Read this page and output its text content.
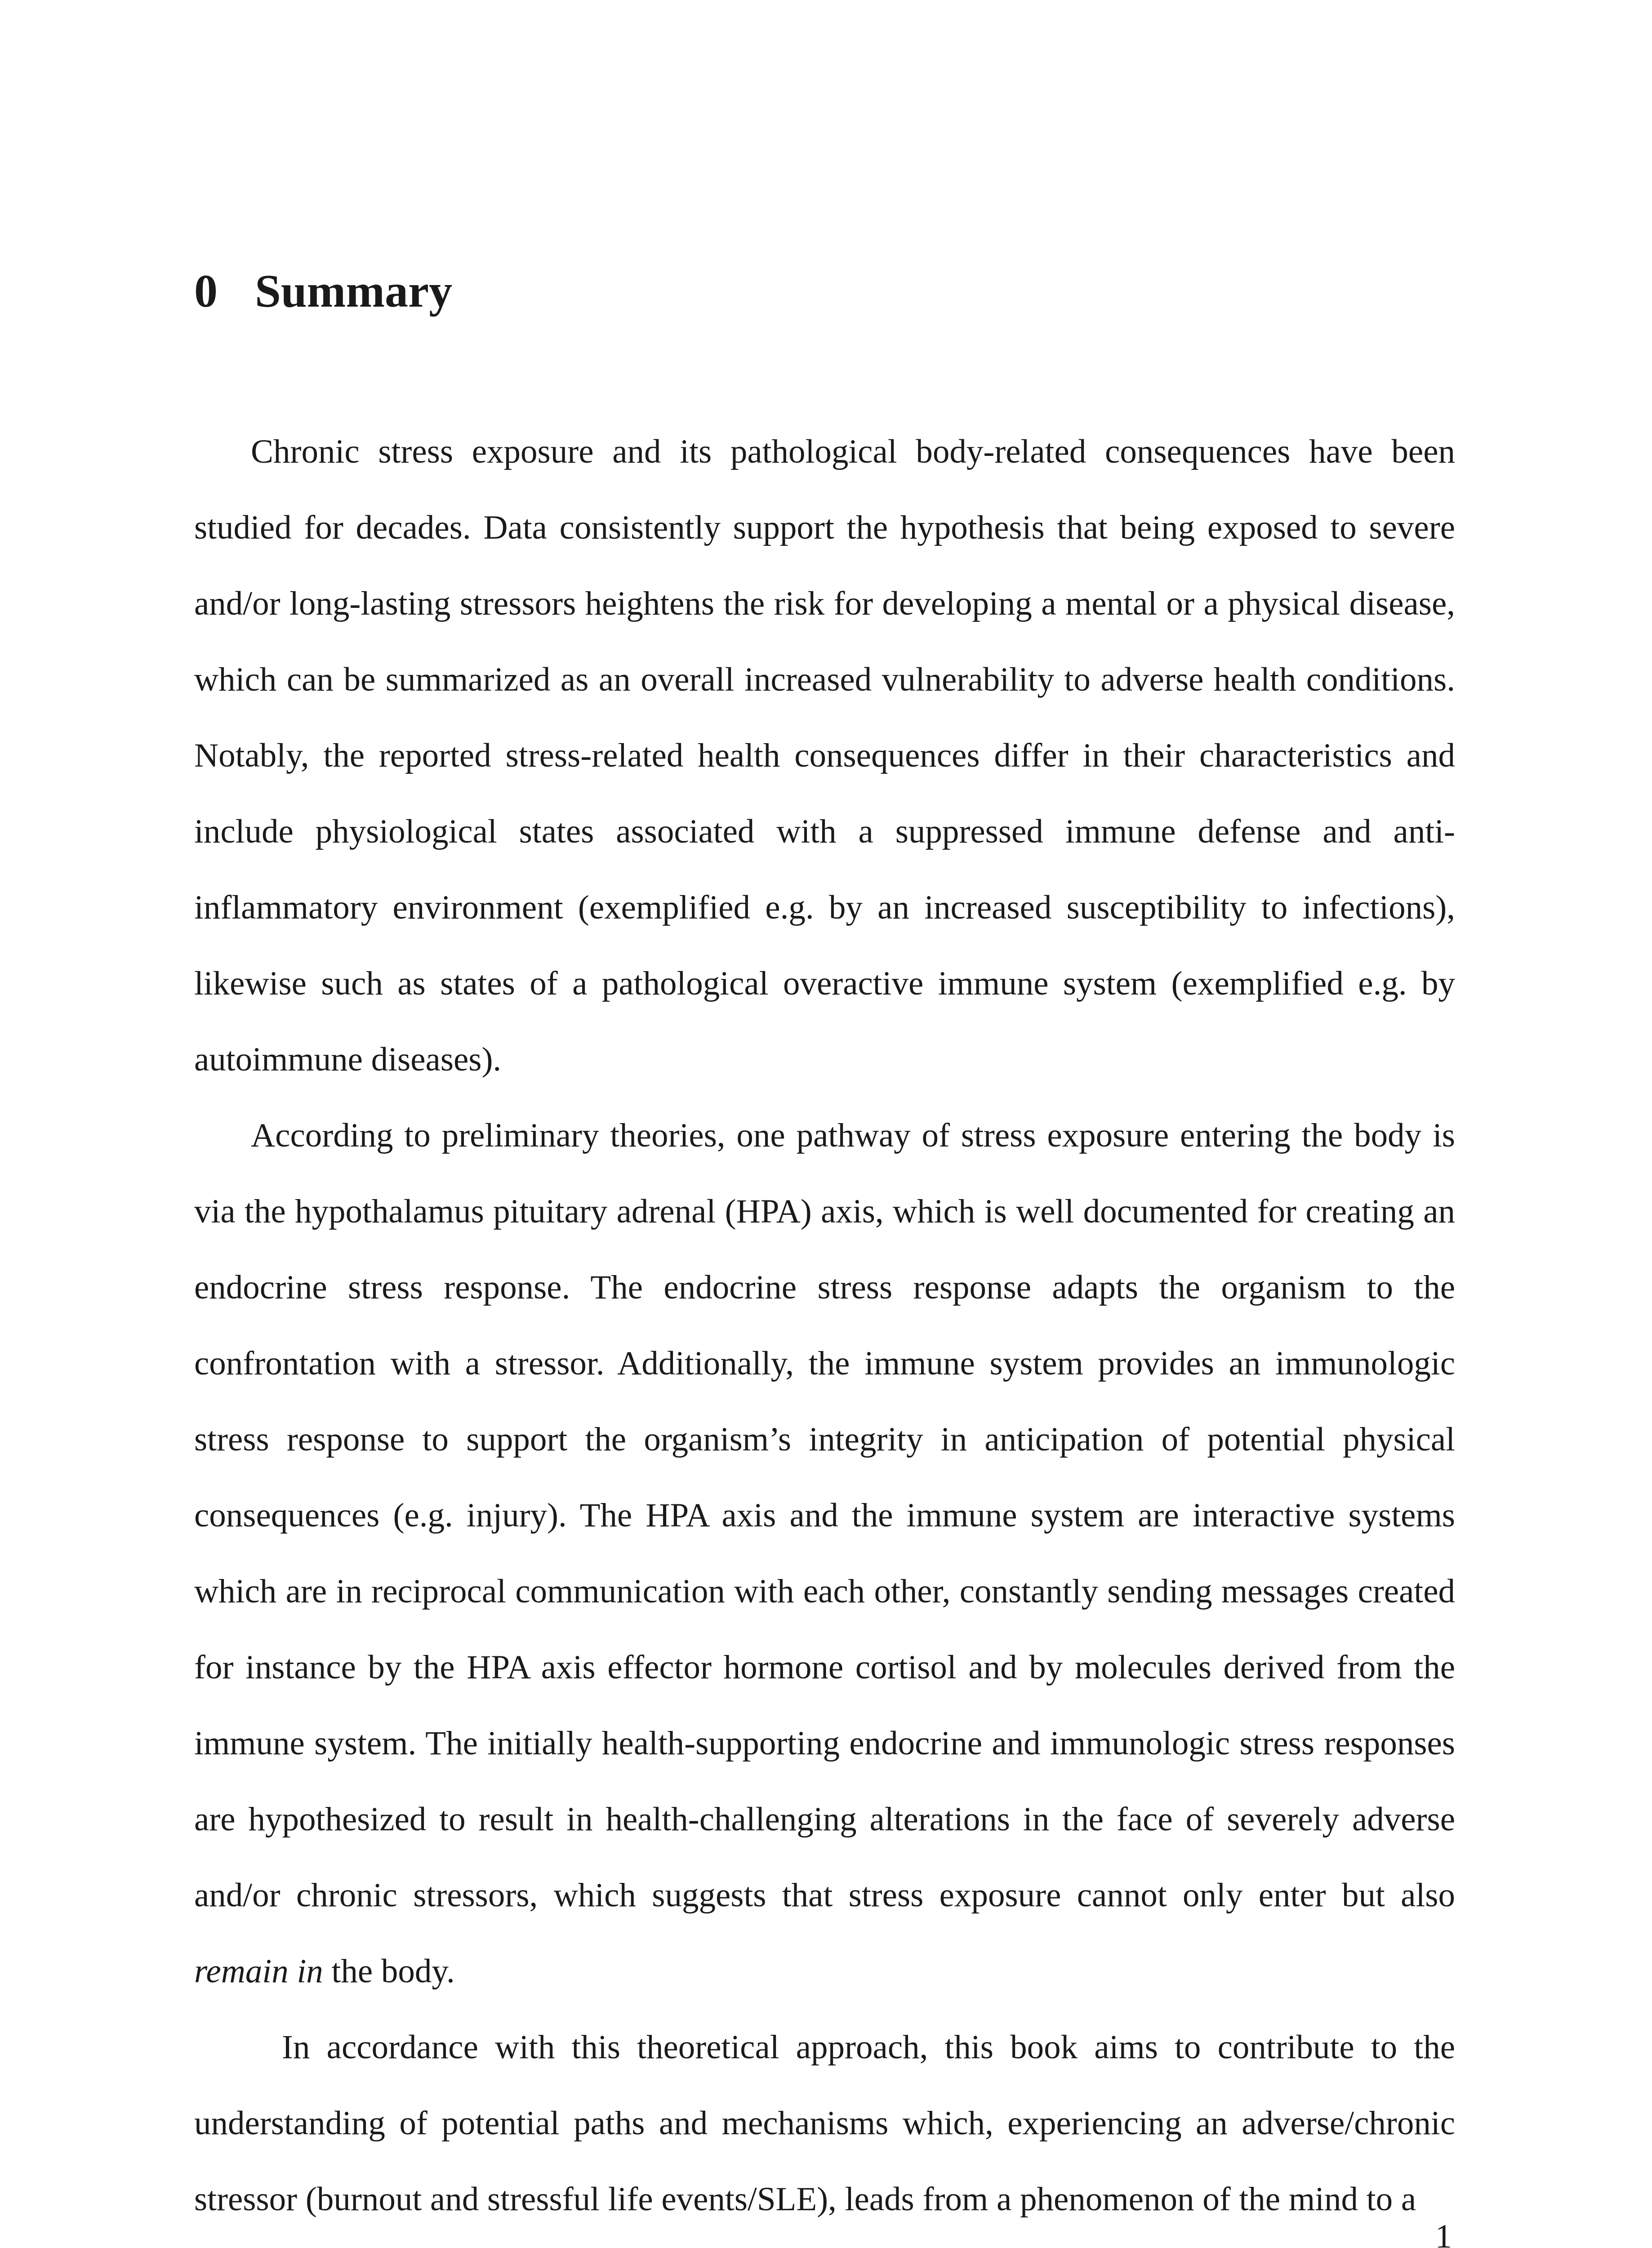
0 Summary

Chronic stress exposure and its pathological body-related consequences have been studied for decades. Data consistently support the hypothesis that being exposed to severe and/or long-lasting stressors heightens the risk for developing a mental or a physical disease, which can be summarized as an overall increased vulnerability to adverse health conditions. Notably, the reported stress-related health consequences differ in their characteristics and include physiological states associated with a suppressed immune defense and anti-inflammatory environment (exemplified e.g. by an increased susceptibility to infections), likewise such as states of a pathological overactive immune system (exemplified e.g. by autoimmune diseases).

According to preliminary theories, one pathway of stress exposure entering the body is via the hypothalamus pituitary adrenal (HPA) axis, which is well documented for creating an endocrine stress response. The endocrine stress response adapts the organism to the confrontation with a stressor. Additionally, the immune system provides an immunologic stress response to support the organism’s integrity in anticipation of potential physical consequences (e.g. injury). The HPA axis and the immune system are interactive systems which are in reciprocal communication with each other, constantly sending messages created for instance by the HPA axis effector hormone cortisol and by molecules derived from the immune system. The initially health-supporting endocrine and immunologic stress responses are hypothesized to result in health-challenging alterations in the face of severely adverse and/or chronic stressors, which suggests that stress exposure cannot only enter but also remain in the body.

In accordance with this theoretical approach, this book aims to contribute to the understanding of potential paths and mechanisms which, experiencing an adverse/chronic stressor (burnout and stressful life events/SLE), leads from a phenomenon of the mind to a

1
